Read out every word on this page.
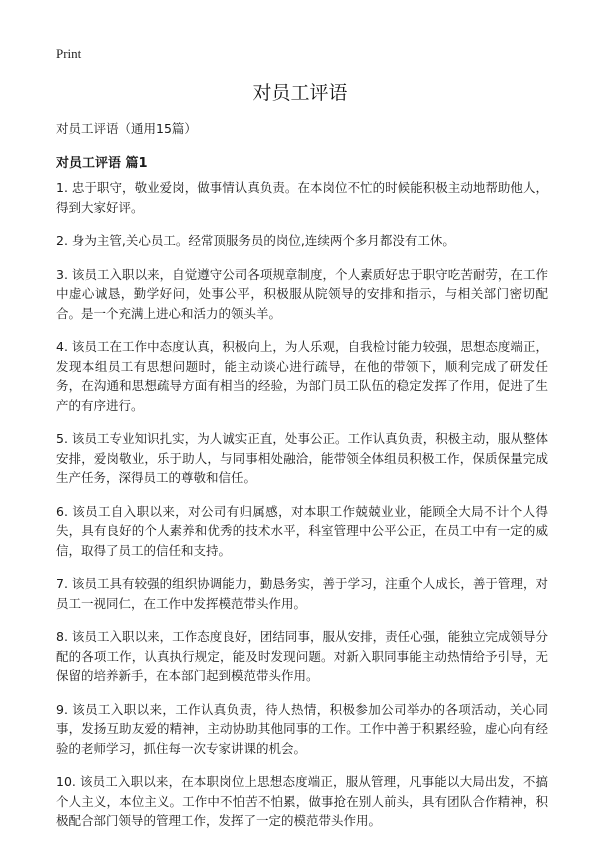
Print
对员工评语

对员工评语（通用15篇）

对员工评语 篇1
1. 忠于职守，敬业爱岗，做事情认真负责。在本岗位不忙的时候能积极主动地帮助他人，得到大家好评。
2. 身为主管,关心员工。经常顶服务员的岗位,连续两个多月都没有工休。
3. 该员工入职以来，自觉遵守公司各项规章制度，个人素质好忠于职守吃苦耐劳，在工作中虚心诚恳，勤学好问，处事公平，积极服从院领导的安排和指示，与相关部门密切配合。是一个充满上进心和活力的领头羊。
4. 该员工在工作中态度认真，积极向上，为人乐观，自我检讨能力较强，思想态度端正，发现本组员工有思想问题时，能主动谈心进行疏导，在他的带领下，顺利完成了研发任务，在沟通和思想疏导方面有相当的经验，为部门员工队伍的稳定发挥了作用，促进了生产的有序进行。
5. 该员工专业知识扎实，为人诚实正直，处事公正。工作认真负责，积极主动，服从整体安排，爱岗敬业，乐于助人，与同事相处融洽，能带领全体组员积极工作，保质保量完成生产任务，深得员工的尊敬和信任。
6. 该员工自入职以来，对公司有归属感，对本职工作兢兢业业，能顾全大局不计个人得失，具有良好的个人素养和优秀的技术水平，科室管理中公平公正，在员工中有一定的威信，取得了员工的信任和支持。
7. 该员工具有较强的组织协调能力，勤恳务实，善于学习，注重个人成长，善于管理，对员工一视同仁，在工作中发挥模范带头作用。
8. 该员工入职以来，工作态度良好，团结同事，服从安排，责任心强，能独立完成领导分配的各项工作，认真执行规定，能及时发现问题。对新入职同事能主动热情给予引导，无保留的培养新手，在本部门起到模范带头作用。
9. 该员工入职以来，工作认真负责，待人热情，积极参加公司举办的各项活动，关心同事，发扬互助友爱的精神，主动协助其他同事的工作。工作中善于积累经验，虚心向有经验的老师学习，抓住每一次专家讲课的机会。
10. 该员工入职以来，在本职岗位上思想态度端正，服从管理，凡事能以大局出发，不搞个人主义，本位主义。工作中不怕苦不怕累，做事抢在别人前头，具有团队合作精神，积极配合部门领导的管理工作，发挥了一定的模范带头作用。
